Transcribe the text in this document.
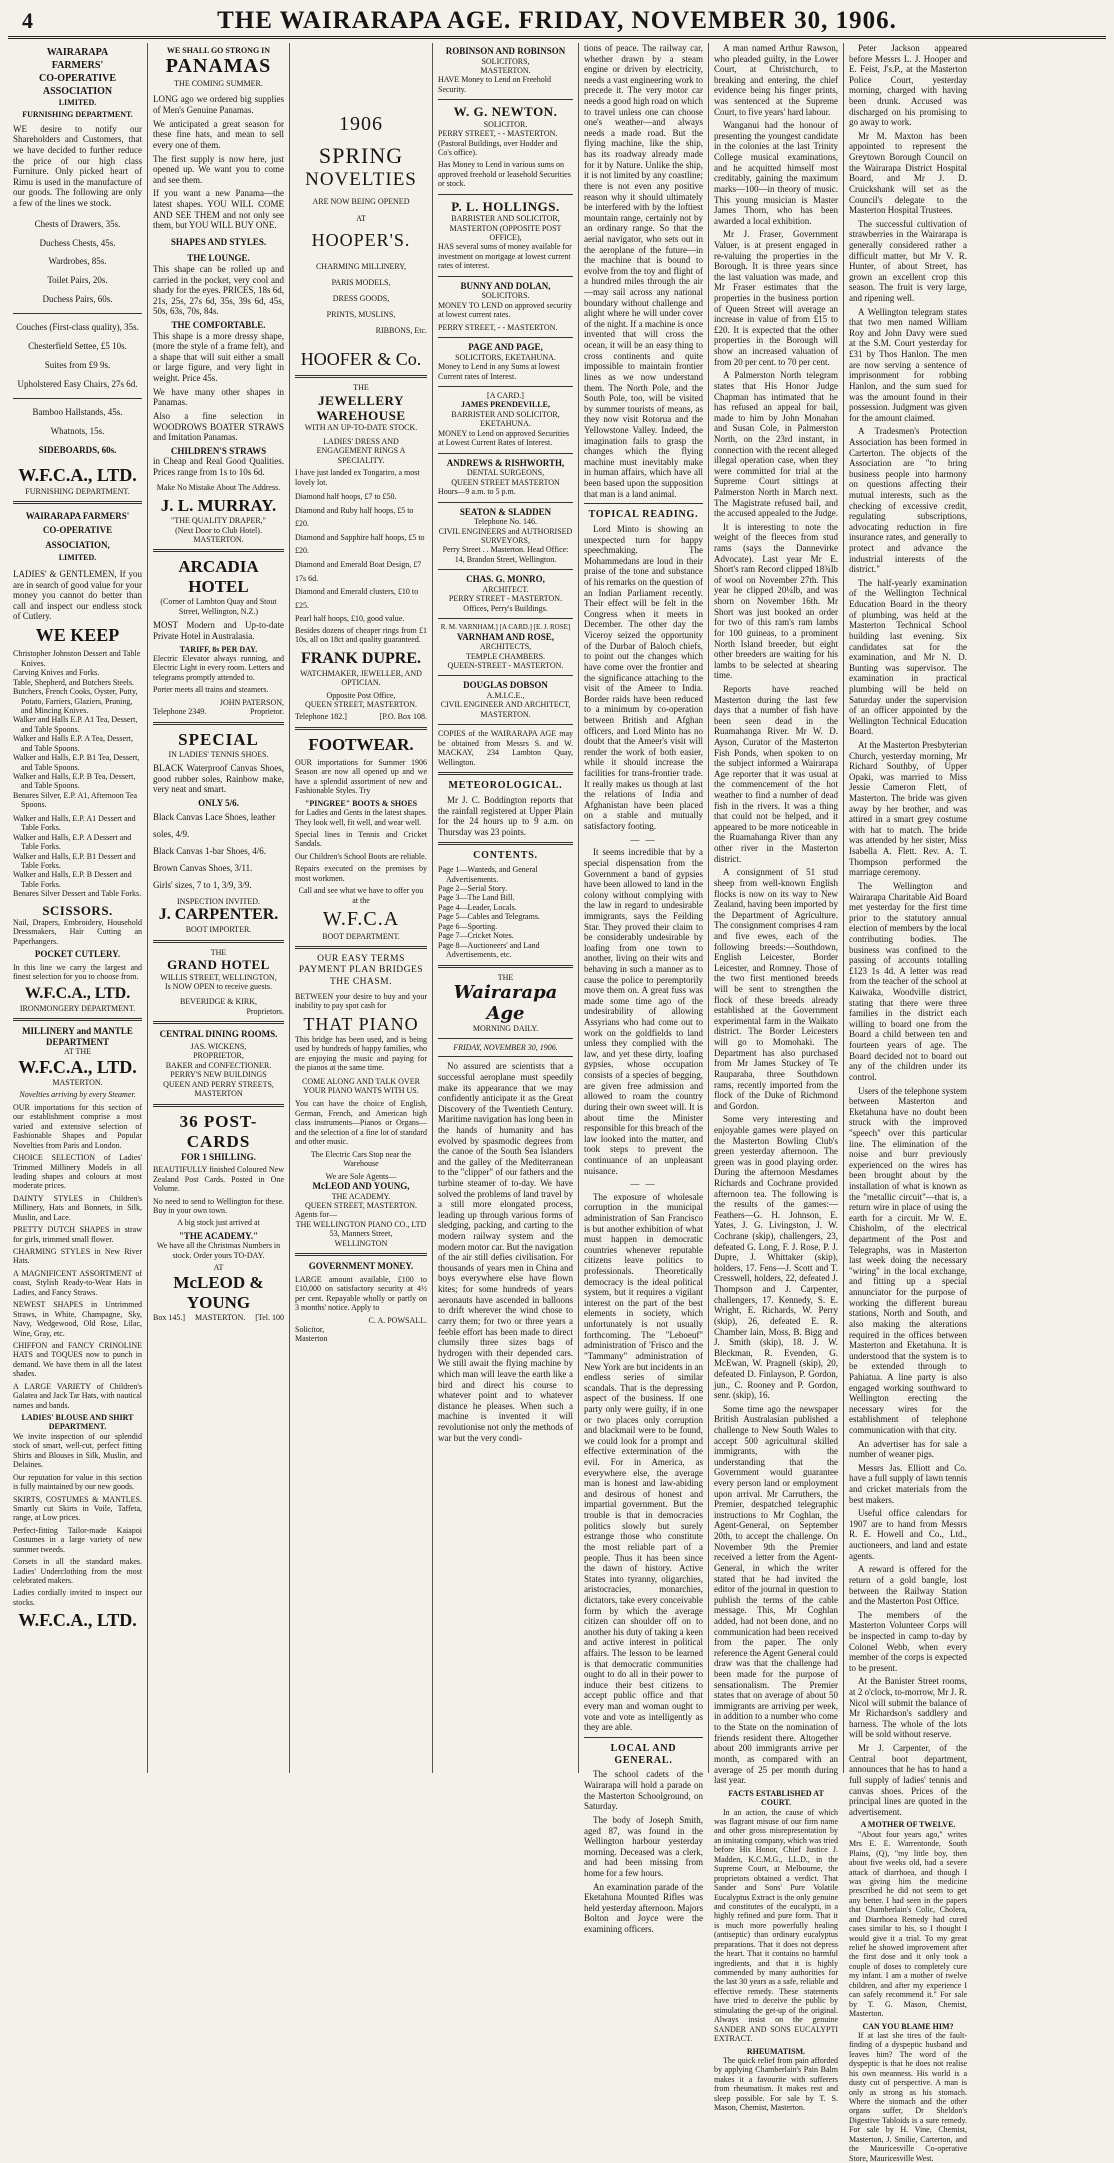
4	THE WAIRARAPA AGE. FRIDAY, NOVEMBER 30, 1906.
WAIRARAPA
FARMERS'
CO-OPERATIVE
ASSOCIATION
LIMITED.
FURNISHING DEPARTMENT.

WE desire to notify our Shareholders and Customers, that we have decided to further reduce the price of our high class Furniture. Only picked heart of Rimu is used in the manufacture of our goods. The following are only a few of the lines we stock.

Chests of Drawers, 35s.
Duchess Chests, 45s.
Wardrobes, 85s.
Toilet Pairs, 20s.
Duchess Pairs, 60s.
Couches (First-class quality), 35s.
Chesterfield Settee, £5 10s.
Suites from £9 9s.
Upholstered Easy Chairs, 27s 6d.
Bamboo Hallstands, 45s.
Whatnots, 15s.
SIDEBOARDS, 60s.
W.F.C.A., LTD.
FURNISHING DEPARTMENT.
WAIRARAPA FARMERS'
CO-OPERATIVE ASSOCIATION,
LIMITED.

LADIES' & GENTLEMEN, If you are in search of good value for your money you cannot do better than call and inspect our endless stock of Cutlery.

WE KEEP
Christopher Johnston Dessert and Table Knives.
Carving Knives and Forks.
Table, Shepherd, and Butchers Steels.
Butchers, French Cooks, Oyster, Putty, Potato, Farriers, Glaziers, Pruning, and Mincing Knives.
Walker and Halls E.P. A1 Tea, Dessert, and Table Spoons.
Walker and Halls E.P. A Tea, Dessert, and Table Spoons.
Walker and Halls, E.P. B1 Tea, Dessert, and Table Spoons.
Walker and Halls, E.P. B Tea, Dessert, and Table Spoons.
Benares Silver, E.P. A1, Afternoon Tea Spoons.
Walker and Halls, E.P. A1 Dessert and Table Forks.
Walker and Halls, E.P. A Dessert and Table Forks.
Walker and Halls, E.P. B1 Dessert and Table Forks.
Walker and Halls, E.P. B Dessert and Table Forks.
Benares Silver Dessert and Table Forks.
SCISSORS.

Nail, Drapers, Embroidery, Household Dressmakers, Hair Cutting an Paperhangers.

POCKET CUTLERY.

In this line we carry the largest and finest selection for you to choose from.

W.F.C.A., LTD.
IRONMONGERY DEPARTMENT.
MILLINERY and MANTLE DEPARTMENT
AT THE
W.F.C.A., LTD.
MASTERTON.
Novelties arriving by every Steamer.

OUR importations for this section of our establishment comprise a most varied and extensive selection of Fashionable Shapes and Popular Novelties from Paris and London.

CHOICE SELECTION of Ladies' Trimmed Millinery Models in all leading shapes and colours at most moderate prices.

DAINTY STYLES in Children's Millinery, Hats and Bonnets, in Silk, Muslin, and Lace.

PRETTY DUTCH SHAPES in straw for girls, trimmed small flower.

CHARMING STYLES in New River Hats.

A MAGNIFICENT ASSORTMENT of coast, Stylish Ready-to-Wear Hats in Ladies, and Fancy Straws.

NEWEST SHAPES in Untrimmed Straws, in White, Champagne, Sky, Navy, Wedgewood, Old Rose, Lilac, Wine, Gray, etc.

CHIFFON and FANCY CRINOLINE HATS and TOQUES now to punch in demand. We have them in all the latest shades.

A LARGE VARIETY of Children's Galatea and Jack Tar Hats, with nautical names and bands.

LADIES' BLOUSE AND SHIRT DEPARTMENT.

We invite inspection of our splendid stock of smart, well-cut, perfect fitting Shirts and Blouses in Silk, Muslin, and Delaines.

Our reputation for value in this section is fully maintained by our new goods.

SKIRTS, COSTUMES & MANTLES. Smartly cut Skirts in Voile, Taffeta, range, at Low prices.

Perfect-fitting Tailor-made Kaiapoi Costumes in a large variety of new summer tweeds.

Corsets in all the standard makes. Ladies' Underclothing from the most celebrated makers.

Ladies cordially invited to inspect our stocks.

W.F.C.A., LTD.
WE SHALL GO STRONG IN
PANAMAS
THE COMING SUMMER.

LONG ago we ordered big supplies of Men's Genuine Panamas.

We anticipated a great season for these fine hats, and mean to sell every one of them.

The first supply is now here, just opened up. We want you to come and see them.

If you want a new Panama—the latest shapes. YOU WILL COME AND SEE THEM and not only see them, but YOU WILL BUY ONE.

SHAPES AND STYLES.
THE LOUNGE.

This shape can be rolled up and carried in the pocket, very cool and shady for the eyes. PRICES, 18s 6d, 21s, 25s, 27s 6d, 35s, 39s 6d, 45s, 50s, 63s, 70s, 84s.

THE COMFORTABLE.

This shape is a more dressy shape, (more the style of a frame felt), and a shape that will suit either a small or large figure, and very light in weight. Price 45s.

We have many other shapes in Panamas.

Also a fine selection in WOODROWS BOATER STRAWS and Imitation Panamas.

CHILDREN'S STRAWS

in Cheap and Real Good Qualities. Prices range from 1s to 10s 6d.

Make No Mistake About The Address.
J. L. MURRAY.
"THE QUALITY DRAPER,"
(Next Door to Club Hotel).
MASTERTON.
ARCADIA HOTEL
(Corner of Lambton Quay and Stout Street, Wellington, N.Z.)

MOST Modern and Up-to-date Private Hotel in Australasia.

TARIFF, 8s PER DAY.

Electric Elevator always running, and Electric Light in every room. Letters and telegrams promptly attended to.

Porter meets all trains and steamers.

JOHN PATERSON,
Telephone 2349.	Proprietor.
SPECIAL
IN LADIES' TENNIS SHOES.

BLACK Waterproof Canvas Shoes, good rubber soles, Rainbow make, very neat and smart.

ONLY 5/6.
Black Canvas Lace Shoes, leather soles, 4/9.
Black Canvas 1-bar Shoes, 4/6.
Brown Canvas Shoes, 3/11.
Girls' sizes, 7 to 1, 3/9, 3/9.
INSPECTION INVITED.
J. CARPENTER.
BOOT IMPORTER.
THE
GRAND HOTEL
WILLIS STREET, WELLINGTON,
Is NOW OPEN to receive guests.
BEVERIDGE & KIRK,
Proprietors.
CENTRAL DINING ROOMS.
JAS. WICKENS,
PROPRIETOR,
BAKER and CONFECTIONER.
PERRY'S NEW BUILDINGS
QUEEN AND PERRY STREETS,
MASTERTON
36 POST-CARDS
FOR 1 SHILLING.

BEAUTIFULLY finished Coloured New Zealand Post Cards. Posted in One Volume.

No need to send to Wellington for these. Buy in your own town.

A big stock just arrived at

"THE ACADEMY."

We have all the Christmas Numbers in stock. Order yours TO-DAY.

AT
McLEOD & YOUNG
Box 145.] MASTERTON. [Tel. 100
1906
SPRING
NOVELTIES
ARE NOW BEING OPENED
AT
HOOPER'S.
CHARMING MILLINERY,
PARIS MODELS,
DRESS GOODS,
PRINTS, MUSLINS,
RIBBONS, Etc.
HOOFER & Co.
THE
JEWELLERY WAREHOUSE
WITH AN UP-TO-DATE STOCK.
LADIES' DRESS AND ENGAGEMENT RINGS A SPECIALITY.

I have just landed ex Tongariro, a most lovely lot.

Diamond half hoops, £7 to £50.
Diamond and Ruby half hoops, £5 to £20.
Diamond and Sapphire half hoops, £5 to £20.
Diamond and Emerald Boat Design, £7 17s 6d.
Diamond and Emerald clusters, £10 to £25.
Pearl half hoops, £10, good value.

Besides dozens of cheaper rings from £1 10s, all on 18ct and quality guaranteed.

FRANK DUPRE.
WATCHMAKER, JEWELLER, AND OPTICIAN.
Opposite Post Office,
QUEEN STREET, MASTERTON.
Telephone 182.]	[P.O. Box 108.
FOOTWEAR.

OUR importations for Summer 1906 Season are now all opened up and we have a splendid assortment of new and Fashionable Styles. Try

"PINGREE" BOOTS & SHOES

for Ladies and Gents in the latest shapes. They look well, fit well, and wear well.

Special lines in Tennis and Cricket Sandals.

Our Children's School Boots are reliable.

Repairs executed on the premises by most workmen.

Call and see what we have to offer you at the

W.F.C.A
BOOT DEPARTMENT.
OUR EASY TERMS PAYMENT PLAN BRIDGES THE CHASM.

BETWEEN your desire to buy and your inability to pay spot cash for

THAT PIANO

This bridge has been used, and is being used by hundreds of happy families, who are enjoying the music and paying for the pianos at the same time.

COME ALONG AND TALK OVER YOUR PIANO WANTS WITH US.

You can have the choice of English, German, French, and American high class instruments—Pianos or Organs—and the selection of a fine lot of standard and other music.

The Electric Cars Stop near the Warehouse

We are Sole Agents—
McLEOD AND YOUNG,
THE ACADEMY.
QUEEN STREET, MASTERTON.
Agents for—
THE WELLINGTON PIANO CO., LTD
53, Manners Street,
WELLINGTON
GOVERNMENT MONEY.

LARGE amount available, £100 to £10,000 on satisfactory security at 4½ per cent. Repayable wholly or partly on 3 months' notice. Apply to

C. A. POWSALL.
Solicitor,
Masterton
ROBINSON AND ROBINSON
SOLICITORS,
MASTERTON.

HAVE Money to Lend on Freehold Security.

W. G. NEWTON.
SOLICITOR.

PERRY STREET, - - MASTERTON. (Pastoral Buildings, over Hodder and Co's office).

Has Money to Lend in various sums on approved freehold or leasehold Securities or stock.

P. L. HOLLINGS.
BARRISTER AND SOLICITOR, MASTERTON (OPPOSITE POST OFFICE),

HAS several sums of money available for investment on mortgage at lowest current rates of interest.

BUNNY AND DOLAN,
SOLICITORS.

MONEY TO LEND on approved security at lowest current rates.

PERRY STREET, - - MASTERTON.
PAGE AND PAGE,
SOLICITORS, EKETAHUNA.

Money to Lend in any Sums at lowest Current rates of Interest.

[A CARD.]
JAMES PRENDEVILLE,
BARRISTER AND SOLICITOR,
EKETAHUNA.

MONEY to Lend on approved Securities at Lowest Current Rates of Interest.

ANDREWS & RISHWORTH,
DENTAL SURGEONS,
QUEEN STREET MASTERTON
Hours—9 a.m. to 5 p.m.
SEATON & SLADDEN
Telephone No. 146.
CIVIL ENGINEERS and AUTHORISED SURVEYORS,

Perry Street . . Masterton. Head Office: 14, Brandon Street, Wellington.

CHAS. G. MONRO,
ARCHITECT.

PERRY STREET - MASTERTON. Offices, Perry's Buildings.

R. M. VARNHAM.] [A CARD.] [E. J. ROSE]
VARNHAM AND ROSE,
ARCHITECTS,
TEMPLE CHAMBERS.
QUEEN-STREET - MASTERTON.
DOUGLAS DOBSON
A.M.I.C.E.,
CIVIL ENGINEER AND ARCHITECT,
MASTERTON.

COPIES of the WAIRARAPA AGE may be obtained from Messrs S. and W. MACKAY, 234 Lambton Quay, Wellington.

METEOROLOGICAL.

Mr J. C. Boddington reports that the rainfall registered at Upper Plain for the 24 hours up to 9 a.m. on Thursday was 23 points.

CONTENTS.
Page 1—Wanteds, and General Advertisements.
Page 2—Serial Story.
Page 3—The Land Bill.
Page 4—Leader, Locals.
Page 5—Cables and Telegrams.
Page 6—Sporting.
Page 7—Cricket Notes.
Page 8—Auctioneers' and Land Advertisements, etc.
THE
Wairarapa Age
MORNING DAILY.
FRIDAY, NOVEMBER 30, 1906.

No assured are scientists that a successful aeroplane must speedily make its appearance that we may confidently anticipate it as the Great Discovery of the Twentieth Century. Maritime navigation has long been in the hands of humanity and has evolved by spasmodic degrees from the canoe of the South Sea Islanders and the galley of the Mediterranean to the "clipper" of our fathers and the turbine steamer of to-day. We have solved the problems of land travel by a still more elongated process, leading up through various forms of sledging, packing, and carting to the modern railway system and the modern motor car. But the navigation of the air still defies civilisation. For thousands of years men in China and boys everywhere else have flown kites; for some hundreds of years aeronauts have ascended in balloons to drift wherever the wind chose to carry them; for two or three years a feeble effort has been made to direct clumsily three sizes bags of hydrogen with their depended cars. We still await the flying machine by which man will leave the earth like a bird and direct his course to whatever point and to whatever distance he pleases. When such a machine is invented it will revolutionise not only the methods of war but the very condi-

tions of peace. The railway car, whether drawn by a steam engine or driven by electricity, needs a vast engineering work to precede it. The very motor car needs a good high road on which to travel unless one can choose one's weather—and always needs a made road. But the flying machine, like the ship, has its roadway already made for it by Nature. Unlike the ship, it is not limited by any coastline; there is not even any positive reason why it should ultimately be interfered with by the loftiest mountain range, certainly not by an ordinary range. So that the aerial navigator, who sets out in the aeroplane of the future—in the machine that is bound to evolve from the toy and flight of a hundred miles through the air—may sail across any national boundary without challenge and alight where he will under cover of the night. If a machine is once invented that will cross the ocean, it will be an easy thing to cross continents and quite impossible to maintain frontier lines as we now understand them. The North Pole, and the South Pole, too, will be visited by summer tourists of means, as they now visit Rotorua and the Yellowstone Valley. Indeed, the imagination fails to grasp the changes which the flying machine must inevitably make in human affairs, which have all been based upon the supposition that man is a land animal.

TOPICAL READING.

Lord Minto is showing an unexpected turn for happy speechmaking. The Mohammedans are loud in their praise of the tone and substance of his remarks on the question of an Indian Parliament recently. Their effect will be felt in the Congress when it meets in December. The other day the Viceroy seized the opportunity of the Durbar of Baloch chiefs, to point out the changes which have come over the frontier and the significance attaching to the visit of the Ameer to India. Border raids have been reduced to a minimum by co-operation between British and Afghan officers, and Lord Minto has no doubt that the Ameer's visit will render the work of both easier, while it should increase the facilities for trans-frontier trade. It really makes us though at last the relations of India and Afghanistan have been placed on a stable and mutually satisfactory footing.

— —

It seems incredible that by a special dispensation from the Government a band of gypsies have been allowed to land in the colony without complying with the law in regard to undesirable immigrants, says the Feilding Star. They proved their claim to be considerably undesirable by loafing from one town to another, living on their wits and behaving in such a manner as to cause the police to peremptorily move them on. A great fuss was made some time ago of the undesirability of allowing Assyrians who had come out to work on the goldfields to land unless they complied with the law, and yet these dirty, loafing gypsies, whose occupation consists of a species of begging, are given free admission and allowed to roam the country during their own sweet will. It is about time the Minister responsible for this breach of the law looked into the matter, and took steps to prevent the continuance of an unpleasant nuisance.

— —

The exposure of wholesale corruption in the municipal administration of San Francisco is but another exhibition of what must happen in democratic countries whenever reputable citizens leave politics to professionals. Theoretically democracy is the ideal political system, but it requires a vigilant interest on the part of the best elements in society, which unfortunately is not usually forthcoming. The "Leboeuf" administration of 'Frisco and the "Tammany" administration of New York are but incidents in an endless series of similar scandals. That is the depressing aspect of the business. If one party only were guilty, if in one or two places only corruption and blackmail were to be found, we could look for a prompt and effective extermination of the evil. For in America, as everywhere else, the average man is honest and law-abiding and desirous of honest and impartial government. But the trouble is that in democracies politics slowly but surely estrange those who constitute the most reliable part of a people. Thus it has been since the dawn of history. Active States into tyranny, oligarchies, aristocracies, monarchies, dictators, take every conceivable form by which the average citizen can shoulder off on to another his duty of taking a keen and active interest in political affairs. The lesson to be learned is that democratic communities ought to do all in their power to induce their best citizens to accept public office and that every man and woman ought to vote and vote as intelligently as they are able.

LOCAL AND GENERAL.

The school cadets of the Wairarapa will hold a parade on the Masterton Schoolground, on Saturday.

The body of Joseph Smith, aged 87, was found in the Wellington harbour yesterday morning. Deceased was a clerk, and had been missing from home for a few hours.

An examination parade of the Eketahuna Mounted Rifles was held yesterday afternoon. Majors Bolton and Joyce were the examining officers.

A man named Arthur Rawson, who pleaded guilty, in the Lower Court, at Christchurch, to breaking and entering, the chief evidence being his finger prints, was sentenced at the Supreme Court, to five years' hard labour.

Wanganui had the honour of presenting the youngest candidate in the colonies at the last Trinity College musical examinations, and he acquitted himself most creditably, gaining the maximum marks—100—in theory of music. This young musician is Master James Thorn, who has been awarded a local exhibition.

Mr J. Fraser, Government Valuer, is at present engaged in re-valuing the properties in the Borough. It is three years since the last valuation was made, and Mr Fraser estimates that the properties in the business portion of Queen Street will average an increase in value of from £15 to £20. It is expected that the other properties in the Borough will show an increased valuation of from 20 per cent. to 70 per cent.

A Palmerston North telegram states that His Honor Judge Chapman has intimated that he has refused an appeal for bail, made to him by John Monahan and Susan Cole, in Palmerston North, on the 23rd instant, in connection with the recent alleged illegal operation case, when they were committed for trial at the Supreme Court sittings at Palmerston North in March next. The Magistrate refused bail, and the accused appealed to the Judge.

It is interesting to note the weight of the fleeces from stud rams (says the Dannevirke Advocate). Last year Mr E. Short's ram Record clipped 18¾lb of wool on November 27th. This year he clipped 20¼lb, and was shorn on November 16th. Mr Short was just booked an order for two of this ram's ram lambs for 100 guineas, to a prominent North Island breeder, but eight other breeders are waiting for his lambs to be selected at shearing time.

Reports have reached Masterton during the last few days that a number of fish have been seen dead in the Ruamahanga River. Mr W. D. Ayson, Curator of the Masterton Fish Ponds, when spoken to on the subject informed a Wairarapa Age reporter that it was usual at the commencement of the hot weather to find a number of dead fish in the rivers. It was a thing that could not be helped, and it appeared to be more noticeable in the Ruamahanga River than any other river in the Masterton district.

A consignment of 51 stud sheep from well-known English flocks is now on its way to New Zealand, having been imported by the Department of Agriculture. The consignment comprises 4 ram and five ewes, each of the following breeds:—Southdown, English Leicester, Border Leicester, and Romney. Those of the two first mentioned breeds will be sent to strengthen the flock of these breeds already established at the Government experimental farm in the Waikato district. The Border Leicesters will go to Momohaki. The Department has also purchased from Mr James Stuckey of Te Rauparaha, three Southdown rams, recently imported from the flock of the Duke of Richmond and Gordon.

Some very interesting and enjoyable games were played on the Masterton Bowling Club's green yesterday afternoon. The green was in good playing order. During the afternoon Mesdames Richards and Cochrane provided afternoon tea. The following is the results of the games:—Feathers—G. H. Johnson, E. Yates, J. G. Livingston, J. W. Cochrane (skip), challengers, 23, defeated G. Long, F. J. Rose, P. J. Dupre, J. Whittaker (skip), holders, 17. Fens—J. Scott and T. Cresswell, holders, 22, defeated J. Thompson and J. Carpenter, challengers, 17. Kennedy, S. E. Wright, E. Richards, W. Perry (skip), 26, defeated E. R. Chamber lain, Moss, B. Bigg and J. Smith (skip), 18. J. W. Bleckman, R. Evenden, G. McEwan, W. Pragnell (skip), 20, defeated D. Finlayson, P. Gordon, jun., C. Rooney and P. Gordon, senr. (skip), 16.

Some time ago the newspaper British Australasian published a challenge to New South Wales to accept 500 agricultural skilled immigrants, with the understanding that the Government would guarantee every person land or employment upon arrival. Mr Carruthers, the Premier, despatched telegraphic instructions to Mr Coghlan, the Agent-General, on September 20th, to accept the challenge. On November 9th the Premier received a letter from the Agent-General, in which the writer stated that he had invited the editor of the journal in question to publish the terms of the cable message. This, Mr Coghlan added, had not been done, and no communication had been received from the paper. The only reference the Agent General could draw was that the challenge had been made for the purpose of sensationalism. The Premier states that on average of about 50 immigrants are arriving per week, in addition to a number who come to the State on the nomination of friends resident there. Altogether about 200 immigrants arrive per month, as compared with an average of 25 per month during last year.

FACTS ESTABLISHED AT COURT.

In an action, the cause of which was flagrant misuse of our firm name and other gross misrepresentation by an imitating company, which was tried before His Honor, Chief Justice J. Madden, K.C.M.G., LL.D., in the Supreme Court, at Melbourne, the proprietors obtained a verdict. That Sander and Sons' Pure Volatile Eucalyptus Extract is the only genuine and constitutes of the eucalypti, in a highly refined and pure form. That it is much more powerfully healing (antiseptic) than ordinary eucalyptus preparations. That it does not depress the heart. That it contains no harmful ingredients, and that it is highly commended by many authorities for the last 30 years as a safe, reliable and effective remedy. These statements have tried to deceive the public by stimulating the get-up of the original. Always insist on the genuine SANDER AND SONS EUCALYPTI EXTRACT.

RHEUMATISM.

The quick relief from pain afforded by applying Chamberlain's Pain Balm makes it a favourite with sufferers from rheumatism. It makes rest and sleep possible. For sale by T. S. Mason, Chemist, Masterton.

Peter Jackson appeared before Messrs L. J. Hooper and E. Feist, J's.P., at the Masterton Police Court, yesterday morning, charged with having been drunk. Accused was discharged on his promising to go away to work.

Mr M. Maxton has been appointed to represent the Greytown Borough Council on the Wairarapa District Hospital Board, and Mr J. D. Cruickshank will set as the Council's delegate to the Masterton Hospital Trustees.

The successful cultivation of strawberries in the Wairarapa is generally considered rather a difficult matter, but Mr V. R. Hunter, of about Street, has grown an excellent crop this season. The fruit is very large, and ripening well.

A Wellington telegram states that two men named William Roy and John Davy were sued at the S.M. Court yesterday for £31 by Thos Hanlon. The men are now serving a sentence of imprisonment for robbing Hanlon, and the sum sued for was the amount found in their possession. Judgment was given for the amount claimed.

A Tradesmen's Protection Association has been formed in Carterton. The objects of the Association are "to bring business people into harmony on questions affecting their mutual interests, such as the checking of excessive credit, regulating subscriptions, advocating reduction in fire insurance rates, and generally to protect and advance the industrial interests of the district."

The half-yearly examination of the Wellington Technical Education Board in the theory of plumbing, was held at the Masterton Technical School building last evening. Six candidates sat for the examination, and Mr N. D. Bunting was supervisor. The examination in practical plumbing will be held on Saturday under the supervision of an officer appointed by the Wellington Technical Education Board.

At the Masterton Presbyterian Church, yesterday morning, Mr Richard Southby, of Upper Opaki, was married to Miss Jessie Cameron Flett, of Masterton. The bride was given away by her brother, and was attired in a smart grey costume with hat to match. The bride was attended by her sister, Miss Isabella A. Flett. Rev. A. T. Thompson performed the marriage ceremony.

The Wellington and Wairarapa Charitable Aid Board met yesterday for the first time prior to the statutory annual election of members by the local contributing bodies. The business was confined to the passing of accounts totalling £123 1s 4d. A letter was read from the teacher of the school at Kaiwaka, Woodville district, stating that there were three families in the district each willing to board one from the Board a child between ten and fourteen years of age. The Board decided not to board out any of the children under its control.

Users of the telephone system between Masterton and Eketahuna have no doubt been struck with the improved "speech" over this particular line. The elimination of the noise and burr previously experienced on the wires has been brought about by the installation of what is known as the "metallic circuit"—that is, a return wire in place of using the earth for a circuit. Mr W. E. Chisholm, of the electrical department of the Post and Telegraphs, was in Masterton last week doing the necessary "wiring" in the local exchange, and fitting up a special annunciator for the purpose of working the different bureau stations, North and South, and also making the alterations required in the offices between Masterton and Eketahuna. It is understood that the system is to be extended through to Pahiatua. A line party is also engaged working southward to Wellington erecting the necessary wires for the establishment of telephone communication with that city.

An advertiser has for sale a number of weaner pigs.

Messrs Jas. Elliott and Co. have a full supply of lawn tennis and cricket materials from the best makers.

Useful office calendars for 1907 are to hand from Messrs R. E. Howell and Co., Ltd., auctioneers, and land and estate agents.

A reward is offered for the return of a gold bangle, lost between the Railway Station and the Masterton Post Office.

The members of the Masterton Volunteer Corps will be inspected in camp to-day by Colonel Webb, when every member of the corps is expected to be present.

At the Banister Street rooms, at 2 o'clock, to-morrow, Mr J. R. Nicol will submit the balance of Mr Richardson's saddlery and harness. The whole of the lots will be sold without reserve.

Mr J. Carpenter, of the Central boot department, announces that he has to hand a full supply of ladies' tennis and canvas shoes. Prices of the principal lines are quoted in the advertisement.

A MOTHER OF TWELVE.

"About four years ago," writes Mrs E. E. Warrentonde, South Plains, (Q), "my little boy, then about five weeks old, had a severe attack of diarrhoea, and though I was giving him the medicine prescribed he did not seem to get any better. I had seen in the papers that Chamberlain's Colic, Cholera, and Diarrhoea Remedy had cured cases similar to his, so I thought I would give it a trial. To my great relief he showed improvement after the first dose and it only took a couple of doses to completely cure my infant. I am a mother of twelve children, and after my experience I can safely recommend it." For sale by T. G. Mason, Chemist, Masterton.

CAN YOU BLAME HIM?

If at last she tires of the fault-finding of a dyspeptic husband and leaves him? The word of the dyspeptic is that he does not realise his own meanness. His world is a dusty cut of perspective. A man is only as strong as his stomach. Where the stomach and the other organs suffer, Dr Sheldon's Digestive Tabloids is a sure remedy. For sale by H. Vine, Chemist, Masterton, J. Smilie, Carterton, and the Mauricesville Co-operative Store, Mauricesville West.
